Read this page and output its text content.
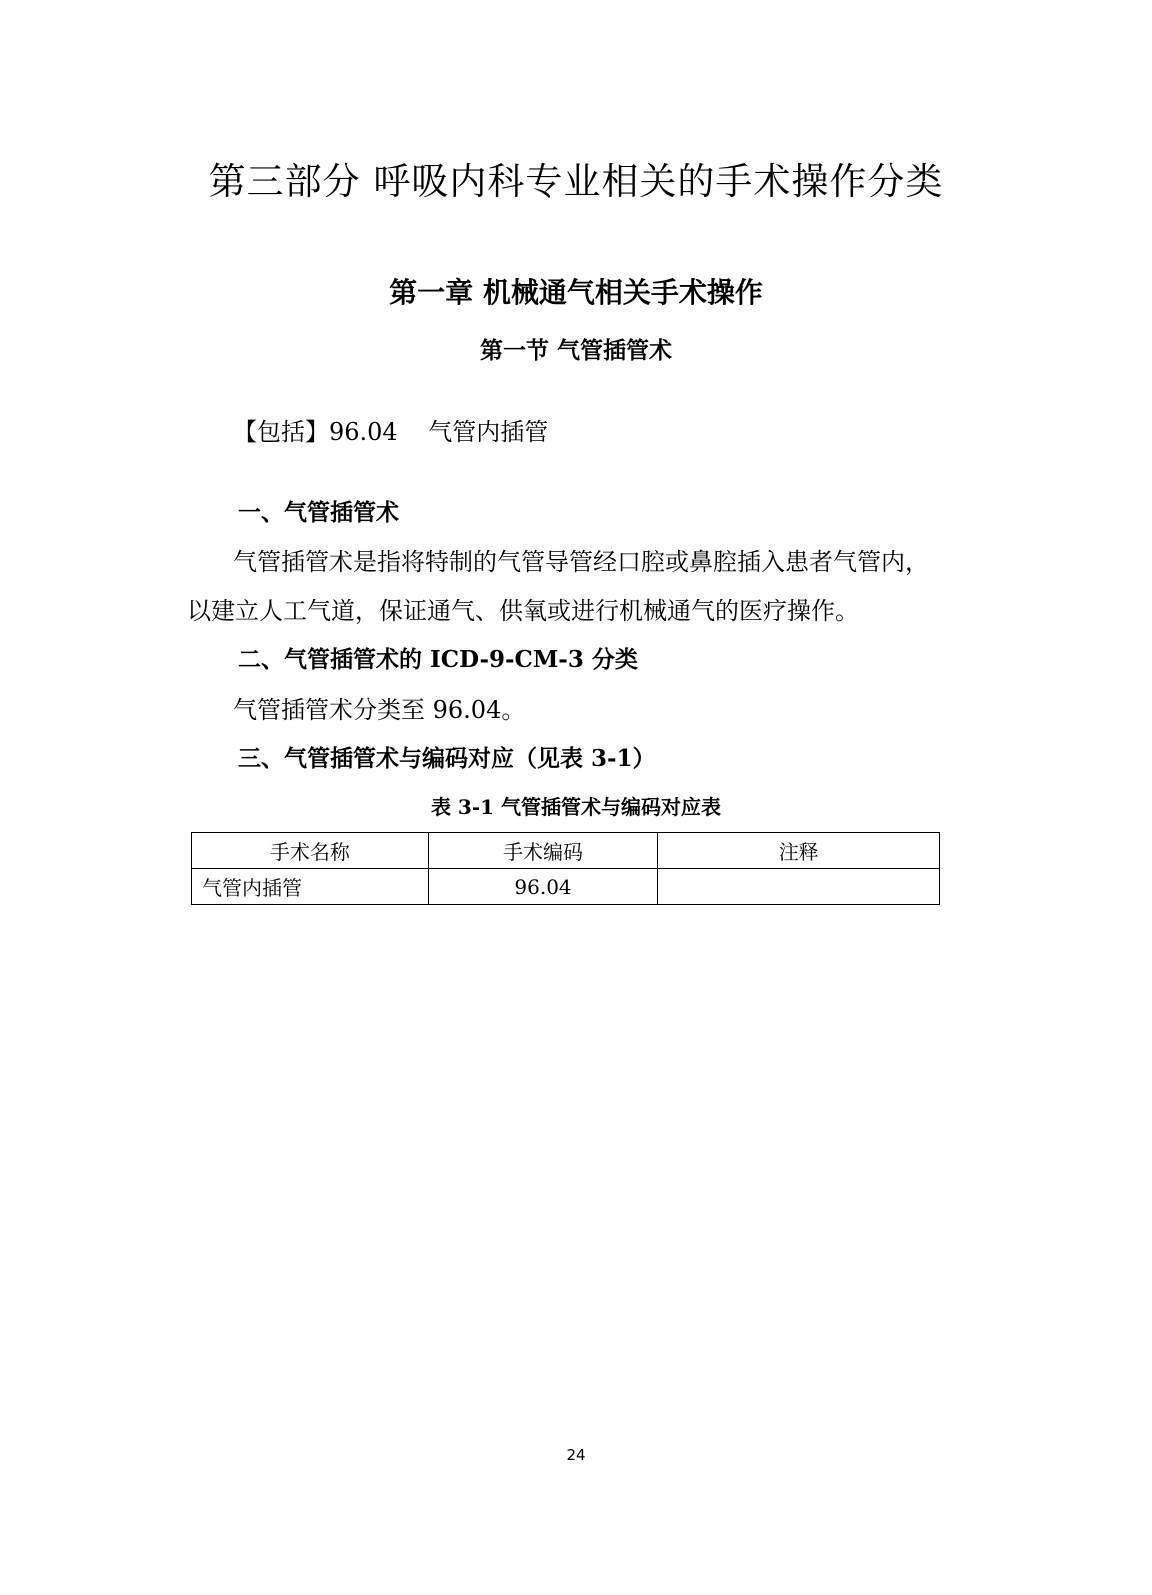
第三部分 呼吸内科专业相关的手术操作分类
第一章 机械通气相关手术操作
第一节 气管插管术
【包括】96.04    气管内插管
一、气管插管术
气管插管术是指将特制的气管导管经口腔或鼻腔插入患者气管内，
以建立人工气道，保证通气、供氧或进行机械通气的医疗操作。
二、气管插管术的 ICD-9-CM-3 分类
气管插管术分类至 96.04。
三、气管插管术与编码对应（见表 3-1）
表 3-1 气管插管术与编码对应表
手术名称	手术编码	注释
气管内插管	96.04	
24
